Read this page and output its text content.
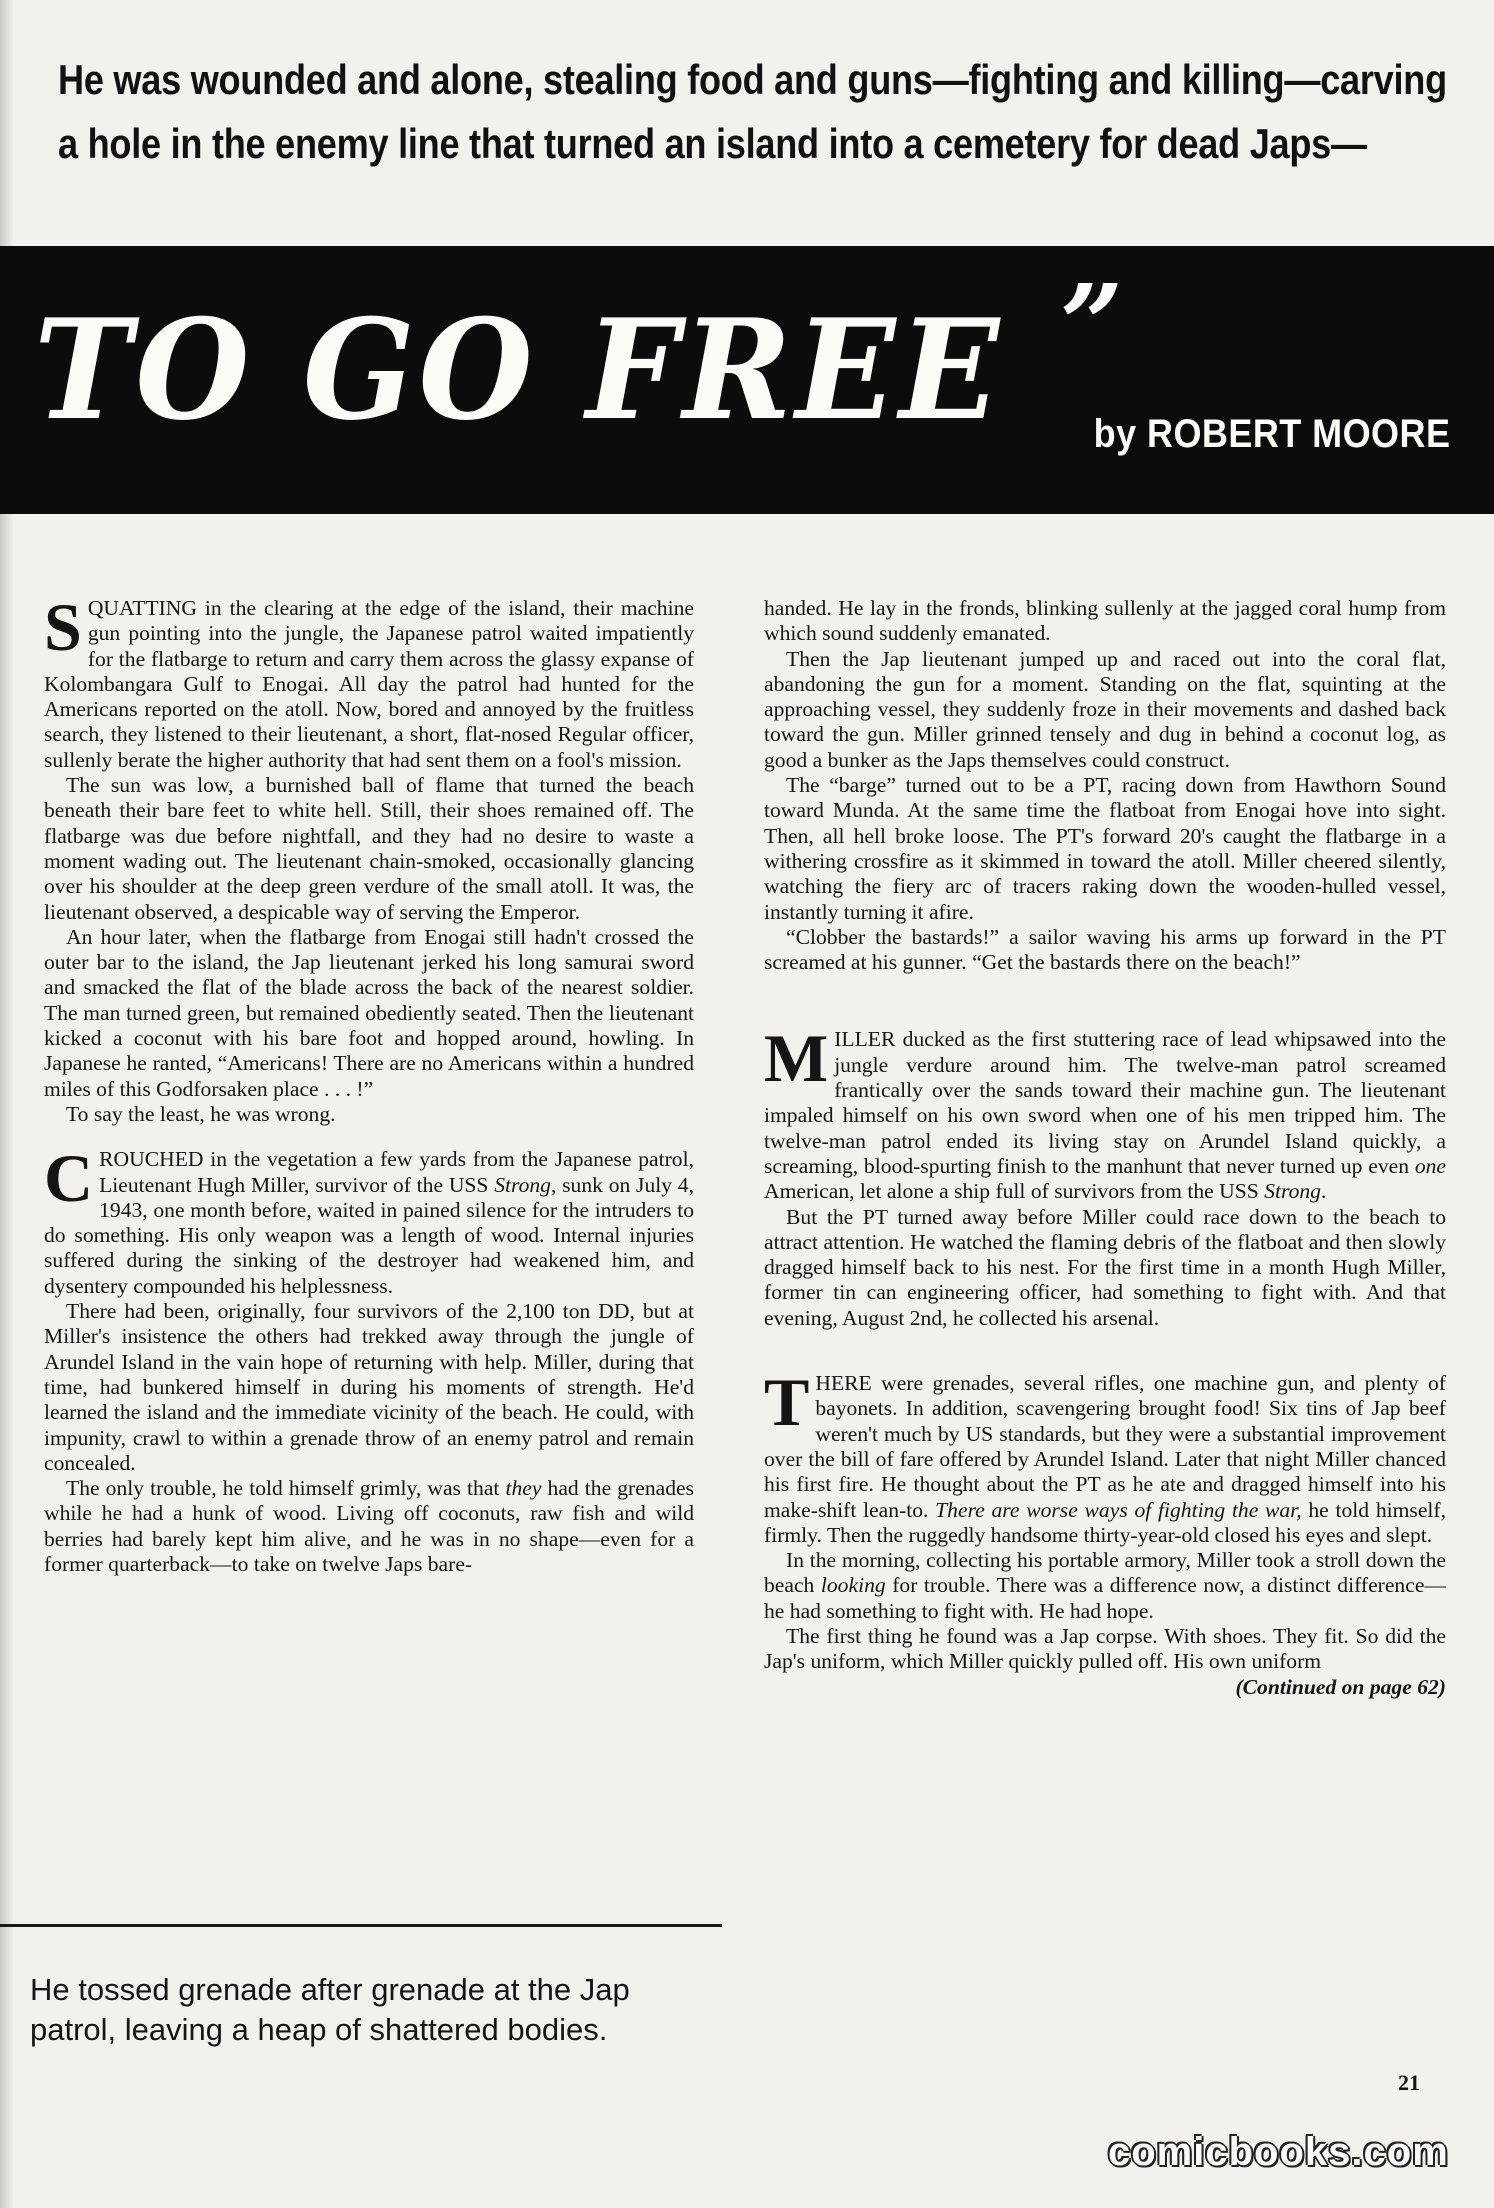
He was wounded and alone, stealing food and guns—fighting and killing—carving
a hole in the enemy line that turned an island into a cemetery for dead Japs—
TO GO FREE ”
by ROBERT MOORE

SQUATTING in the clearing at the edge of the island, their machine gun pointing into the jungle, the Japanese patrol waited impatiently for the flatbarge to return and carry them across the glassy expanse of Kolombangara Gulf to Enogai. All day the patrol had hunted for the Americans reported on the atoll. Now, bored and annoyed by the fruitless search, they listened to their lieutenant, a short, flat-nosed Regular officer, sullenly berate the higher authority that had sent them on a fool's mission.

The sun was low, a burnished ball of flame that turned the beach beneath their bare feet to white hell. Still, their shoes remained off. The flatbarge was due before nightfall, and they had no desire to waste a moment wading out. The lieutenant chain-smoked, occasionally glancing over his shoulder at the deep green verdure of the small atoll. It was, the lieutenant observed, a despicable way of serving the Emperor.

An hour later, when the flatbarge from Enogai still hadn't crossed the outer bar to the island, the Jap lieutenant jerked his long samurai sword and smacked the flat of the blade across the back of the nearest soldier. The man turned green, but remained obediently seated. Then the lieutenant kicked a coconut with his bare foot and hopped around, howling. In Japanese he ranted, “Americans! There are no Americans within a hundred miles of this Godforsaken place . . . !”

To say the least, he was wrong.

CROUCHED in the vegetation a few yards from the Japanese patrol, Lieutenant Hugh Miller, survivor of the USS Strong, sunk on July 4, 1943, one month before, waited in pained silence for the intruders to do something. His only weapon was a length of wood. Internal injuries suffered during the sinking of the destroyer had weakened him, and dysentery compounded his helplessness.

There had been, originally, four survivors of the 2,100 ton DD, but at Miller's insistence the others had trekked away through the jungle of Arundel Island in the vain hope of returning with help. Miller, during that time, had bunkered himself in during his moments of strength. He'd learned the island and the immediate vicinity of the beach. He could, with impunity, crawl to within a grenade throw of an enemy patrol and remain concealed.

The only trouble, he told himself grimly, was that they had the grenades while he had a hunk of wood. Living off coconuts, raw fish and wild berries had barely kept him alive, and he was in no shape—even for a former quarterback—to take on twelve Japs bare-

handed. He lay in the fronds, blinking sullenly at the jagged coral hump from which sound suddenly emanated.

Then the Jap lieutenant jumped up and raced out into the coral flat, abandoning the gun for a moment. Standing on the flat, squinting at the approaching vessel, they suddenly froze in their movements and dashed back toward the gun. Miller grinned tensely and dug in behind a coconut log, as good a bunker as the Japs themselves could construct.

The “barge” turned out to be a PT, racing down from Hawthorn Sound toward Munda. At the same time the flatboat from Enogai hove into sight. Then, all hell broke loose. The PT's forward 20's caught the flatbarge in a withering crossfire as it skimmed in toward the atoll. Miller cheered silently, watching the fiery arc of tracers raking down the wooden-hulled vessel, instantly turning it afire.

“Clobber the bastards!” a sailor waving his arms up forward in the PT screamed at his gunner. “Get the bastards there on the beach!”

MILLER ducked as the first stuttering race of lead whipsawed into the jungle verdure around him. The twelve-man patrol screamed frantically over the sands toward their machine gun. The lieutenant impaled himself on his own sword when one of his men tripped him. The twelve-man patrol ended its living stay on Arundel Island quickly, a screaming, blood-spurting finish to the manhunt that never turned up even one American, let alone a ship full of survivors from the USS Strong.

But the PT turned away before Miller could race down to the beach to attract attention. He watched the flaming debris of the flatboat and then slowly dragged himself back to his nest. For the first time in a month Hugh Miller, former tin can engineering officer, had something to fight with. And that evening, August 2nd, he collected his arsenal.

THERE were grenades, several rifles, one machine gun, and plenty of bayonets. In addition, scavengering brought food! Six tins of Jap beef weren't much by US standards, but they were a substantial improvement over the bill of fare offered by Arundel Island. Later that night Miller chanced his first fire. He thought about the PT as he ate and dragged himself into his make-shift lean-to. There are worse ways of fighting the war, he told himself, firmly. Then the ruggedly handsome thirty-year-old closed his eyes and slept.

In the morning, collecting his portable armory, Miller took a stroll down the beach looking for trouble. There was a difference now, a distinct difference—he had something to fight with. He had hope.

The first thing he found was a Jap corpse. With shoes. They fit. So did the Jap's uniform, which Miller quickly pulled off. His own uniform
(Continued on page 62)

He tossed grenade after grenade at the Jap patrol, leaving a heap of shattered bodies.

21
comicbooks.com
